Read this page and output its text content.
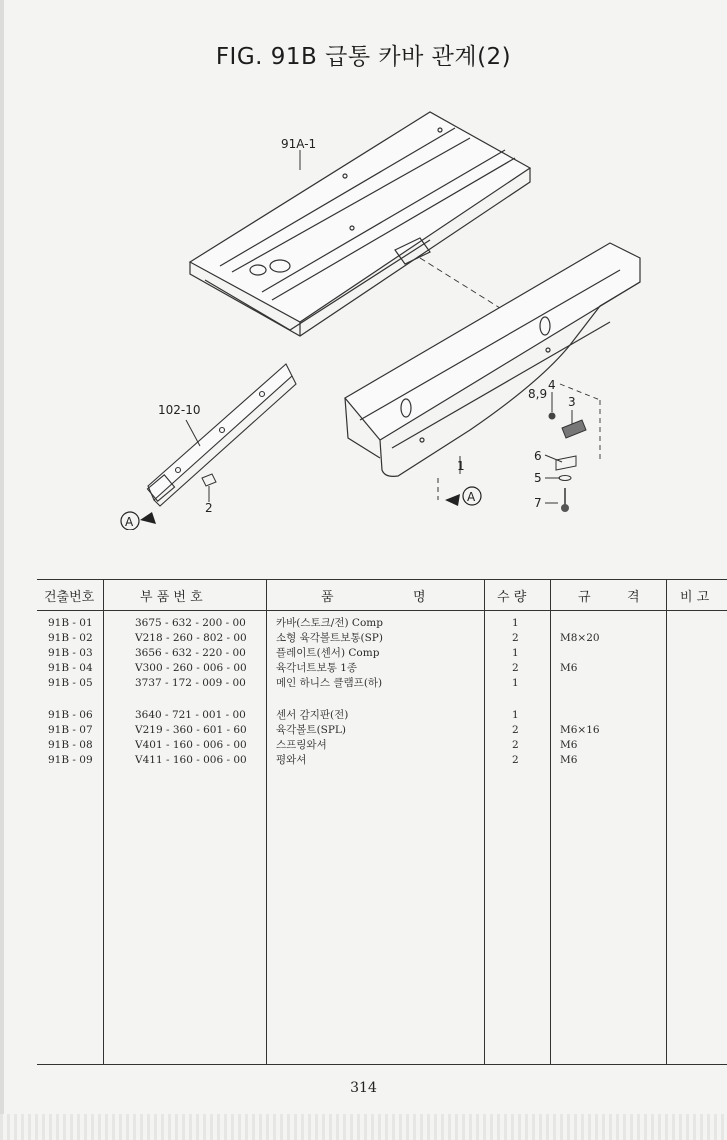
FIG. 91B 급통 카바 관계(2)
91A-1
1
A
102-10
2
A
8,9
4
3
6
5
7
건출번호	부 품 번 호	품	명	수 량	규	격	비 고
91B - 01	3675 - 632 - 200 - 00	카바(스토크/전) Comp	1
91B - 02	V218 - 260 - 802 - 00	소형 육각볼트보통(SP)	2	M8×20
91B - 03	3656 - 632 - 220 - 00	플레이트(센서) Comp	1
91B - 04	V300 - 260 - 006 - 00	육각너트보통 1종	2	M6
91B - 05	3737 - 172 - 009 - 00	메인 하니스 클램프(하)	1
91B - 06	3640 - 721 - 001 - 00	센서 감지판(전)	1
91B - 07	V219 - 360 - 601 - 60	육각볼트(SPL)	2	M6×16
91B - 08	V401 - 160 - 006 - 00	스프링와셔	2	M6
91B - 09	V411 - 160 - 006 - 00	평와셔	2	M6
314
